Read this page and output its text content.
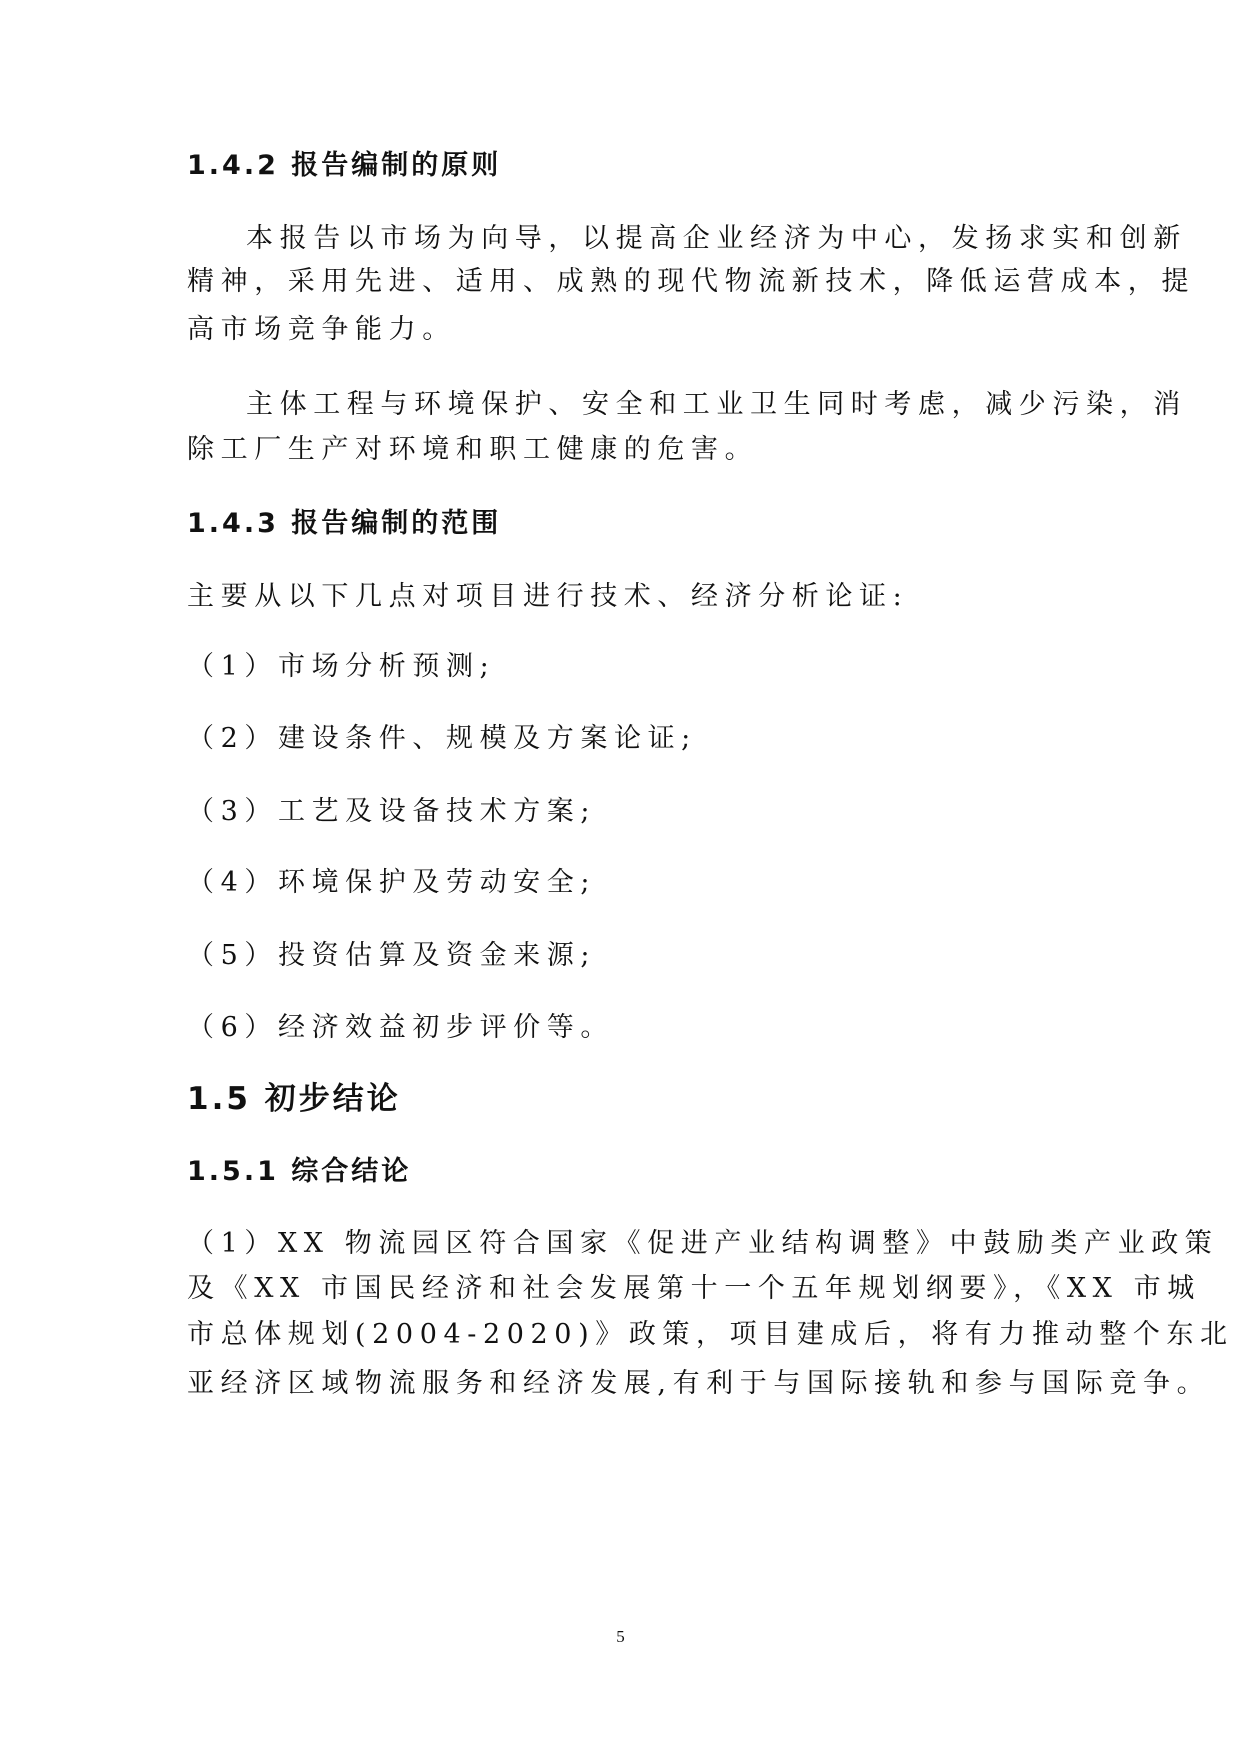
1.4.2 报告编制的原则
本报告以市场为向导，以提高企业经济为中心，发扬求实和创新
精神，采用先进、适用、成熟的现代物流新技术，降低运营成本，提
高市场竞争能力。
主体工程与环境保护、安全和工业卫生同时考虑，减少污染，消
除工厂生产对环境和职工健康的危害。
1.4.3 报告编制的范围
主要从以下几点对项目进行技术、经济分析论证:
（1）市场分析预测;
（2）建设条件、规模及方案论证;
（3）工艺及设备技术方案;
（4）环境保护及劳动安全;
（5）投资估算及资金来源;
（6）经济效益初步评价等。
1.5 初步结论
1.5.1 综合结论
（1）XX 物流园区符合国家《促进产业结构调整》中鼓励类产业政策
及《XX 市国民经济和社会发展第十一个五年规划纲要》，《XX 市城
市总体规划(2004-2020)》政策，项目建成后，将有力推动整个东北
亚经济区域物流服务和经济发展,有利于与国际接轨和参与国际竞争。
5
